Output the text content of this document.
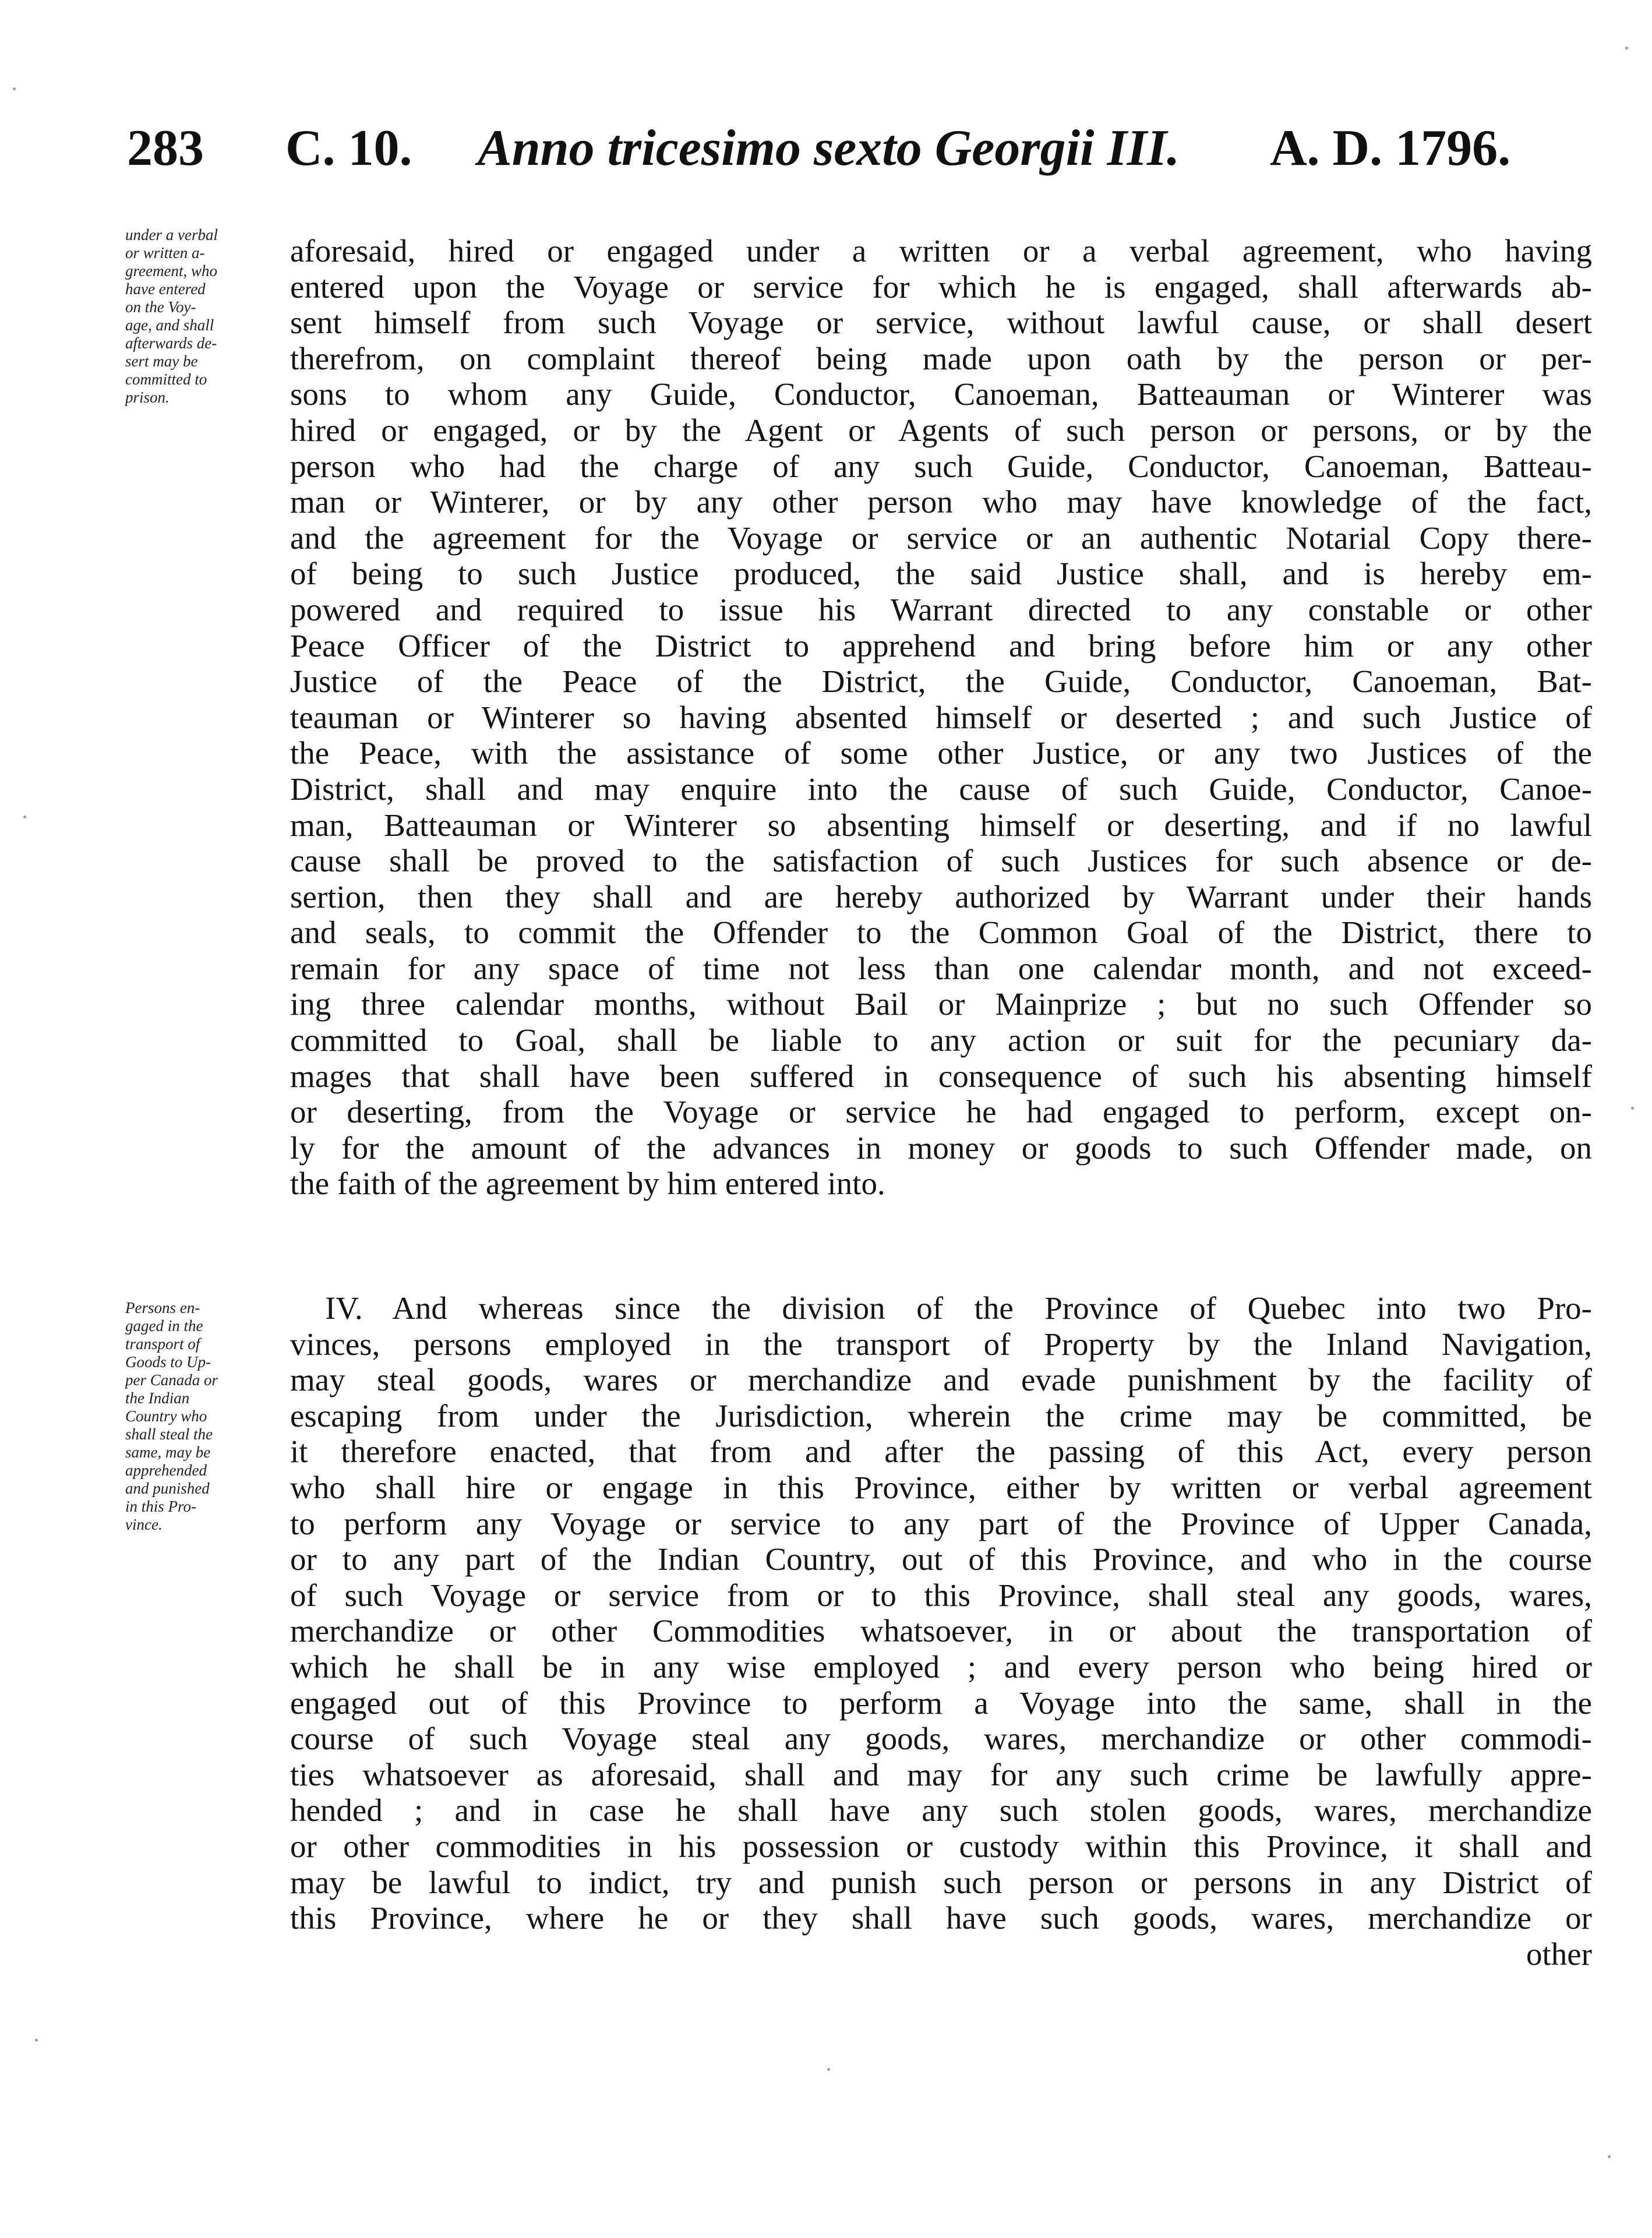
283 C. 10. Anno tricesimo sexto Georgii III. A. D. 1796.
under a verbal
or written a-
greement, who
have entered
on the Voy-
age, and shall
afterwards de-
sert may be
committed to
prison.
Persons en-
gaged in the
transport of
Goods to Up-
per Canada or
the Indian
Country who
shall steal the
same, may be
apprehended
and punished
in this Pro-
vince.
aforesaid, hired or engaged under a written or a verbal agreement, who having
entered upon the Voyage or service for which he is engaged, shall afterwards ab-
sent himself from such Voyage or service, without lawful cause, or shall desert
therefrom, on complaint thereof being made upon oath by the person or per-
sons to whom any Guide, Conductor, Canoeman, Batteauman or Winterer was
hired or engaged, or by the Agent or Agents of such person or persons, or by the
person who had the charge of any such Guide, Conductor, Canoeman, Batteau-
man or Winterer, or by any other person who may have knowledge of the fact,
and the agreement for the Voyage or service or an authentic Notarial Copy there-
of being to such Justice produced, the said Justice shall, and is hereby em-
powered and required to issue his Warrant directed to any constable or other
Peace Officer of the District to apprehend and bring before him or any other
Justice of the Peace of the District, the Guide, Conductor, Canoeman, Bat-
teauman or Winterer so having absented himself or deserted ; and such Justice of
the Peace, with the assistance of some other Justice, or any two Justices of the
District, shall and may enquire into the cause of such Guide, Conductor, Canoe-
man, Batteauman or Winterer so absenting himself or deserting, and if no lawful
cause shall be proved to the satisfaction of such Justices for such absence or de-
sertion, then they shall and are hereby authorized by Warrant under their hands
and seals, to commit the Offender to the Common Goal of the District, there to
remain for any space of time not less than one calendar month, and not exceed-
ing three calendar months, without Bail or Mainprize ; but no such Offender so
committed to Goal, shall be liable to any action or suit for the pecuniary da-
mages that shall have been suffered in consequence of such his absenting himself
or deserting, from the Voyage or service he had engaged to perform, except on-
ly for the amount of the advances in money or goods to such Offender made, on
the faith of the agreement by him entered into.
IV. And whereas since the division of the Province of Quebec into two Pro-
vinces, persons employed in the transport of Property by the Inland Navigation,
may steal goods, wares or merchandize and evade punishment by the facility of
escaping from under the Jurisdiction, wherein the crime may be committed, be
it therefore enacted, that from and after the passing of this Act, every person
who shall hire or engage in this Province, either by written or verbal agreement
to perform any Voyage or service to any part of the Province of Upper Canada,
or to any part of the Indian Country, out of this Province, and who in the course
of such Voyage or service from or to this Province, shall steal any goods, wares,
merchandize or other Commodities whatsoever, in or about the transportation of
which he shall be in any wise employed ; and every person who being hired or
engaged out of this Province to perform a Voyage into the same, shall in the
course of such Voyage steal any goods, wares, merchandize or other commodi-
ties whatsoever as aforesaid, shall and may for any such crime be lawfully appre-
hended ; and in case he shall have any such stolen goods, wares, merchandize
or other commodities in his possession or custody within this Province, it shall and
may be lawful to indict, try and punish such person or persons in any District of
this Province, where he or they shall have such goods, wares, merchandize or
other
